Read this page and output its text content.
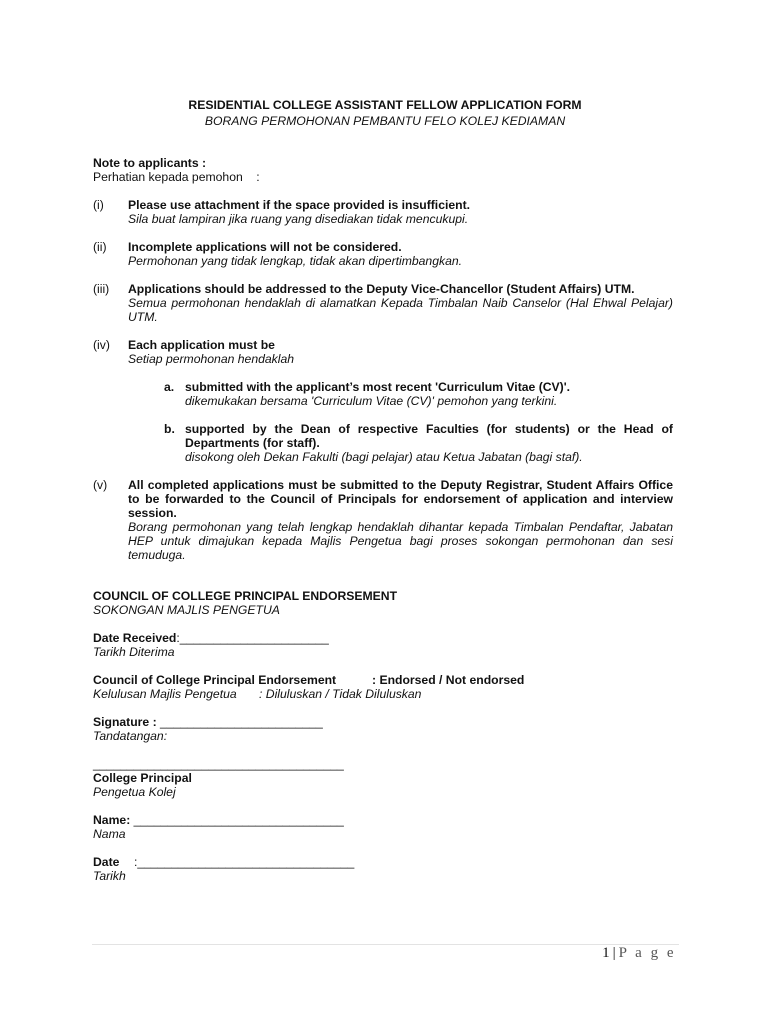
RESIDENTIAL COLLEGE ASSISTANT FELLOW APPLICATION FORM
BORANG PERMOHONAN PEMBANTU FELO KOLEJ KEDIAMAN
Note to applicants :
Perhatian kepada pemohon    :
(i) Please use attachment if the space provided is insufficient.
Sila buat lampiran jika ruang yang disediakan tidak mencukupi.
(ii) Incomplete applications will not be considered.
Permohonan yang tidak lengkap, tidak akan dipertimbangkan.
(iii) Applications should be addressed to the Deputy Vice-Chancellor (Student Affairs) UTM.
Semua permohonan hendaklah di alamatkan Kepada Timbalan Naib Canselor (Hal Ehwal Pelajar) UTM.
(iv) Each application must be
Setiap permohonan hendaklah
a. submitted with the applicant’s most recent 'Curriculum Vitae (CV)'.
dikemukakan bersama 'Curriculum Vitae (CV)' pemohon yang terkini.
b. supported by the Dean of respective Faculties (for students) or the Head of Departments (for staff).
disokong oleh Dekan Fakulti (bagi pelajar) atau Ketua Jabatan (bagi staf).
(v) All completed applications must be submitted to the Deputy Registrar, Student Affairs Office to be forwarded to the Council of Principals for endorsement of application and interview session.
Borang permohonan yang telah lengkap hendaklah dihantar kepada Timbalan Pendaftar, Jabatan HEP untuk dimajukan kepada Majlis Pengetua bagi proses sokongan permohonan dan sesi temuduga.
COUNCIL OF COLLEGE PRINCIPAL ENDORSEMENT
SOKONGAN MAJLIS PENGETUA
Date Received:______________________
Tarikh Diterima
Council of College Principal Endorsement	: Endorsed / Not endorsed
Kelulusan Majlis Pengetua : Diluluskan / Tidak Diluluskan
Signature : ________________________
Tandatangan:
_____________________________________
College Principal
Pengetua Kolej
Name: _______________________________
Nama
Date :________________________________
Tarikh
1 | P a g e
